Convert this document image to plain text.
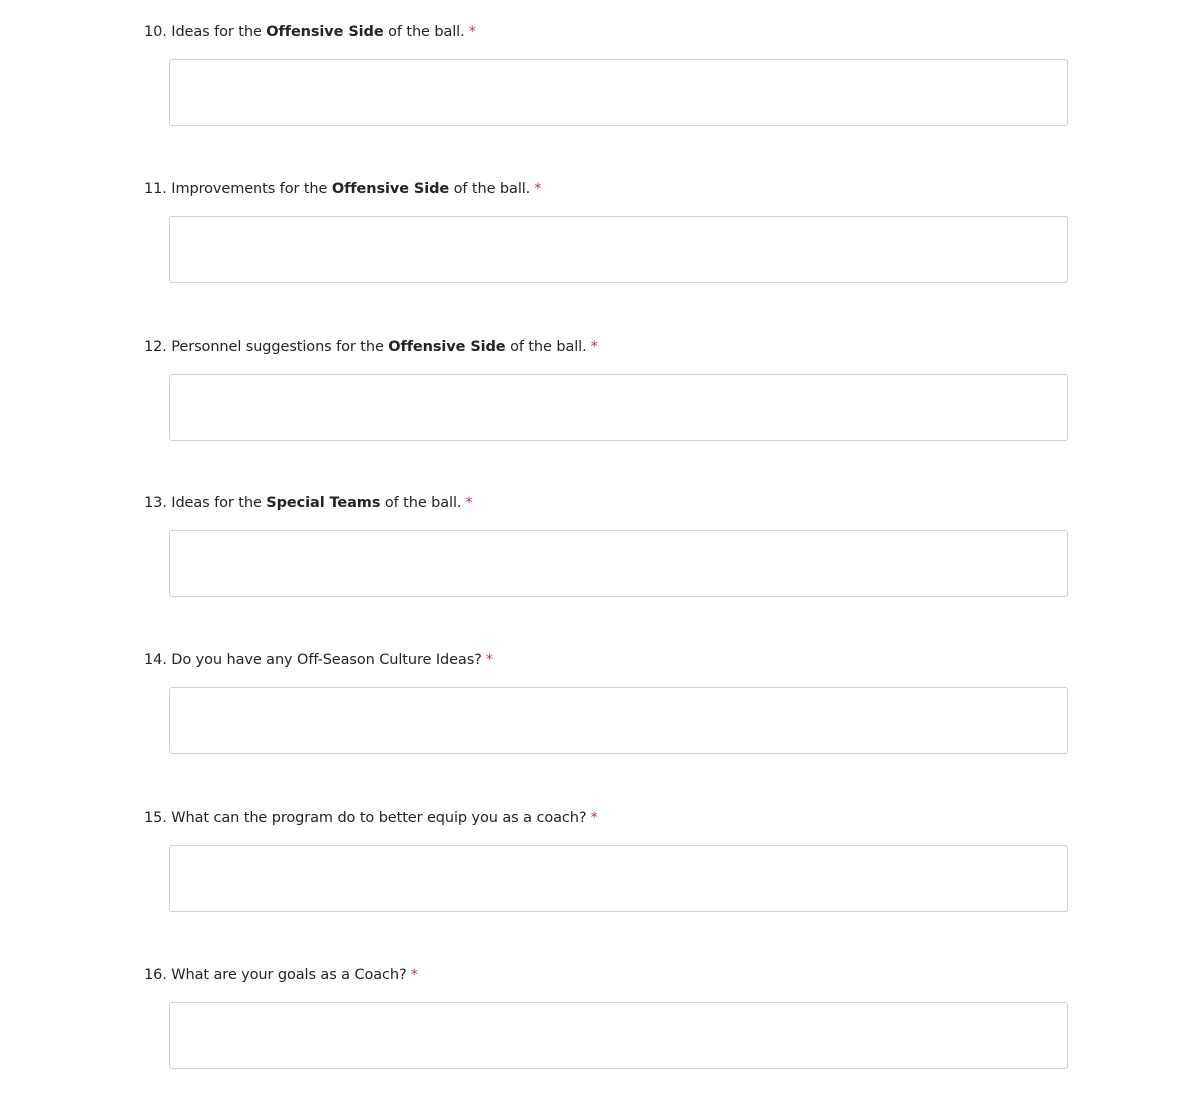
10. Ideas for the Offensive Side of the ball. *
11. Improvements for the Offensive Side of the ball. *
12. Personnel suggestions for the Offensive Side of the ball. *
13. Ideas for the Special Teams of the ball. *
14. Do you have any Off-Season Culture Ideas? *
15. What can the program do to better equip you as a coach? *
16. What are your goals as a Coach? *
